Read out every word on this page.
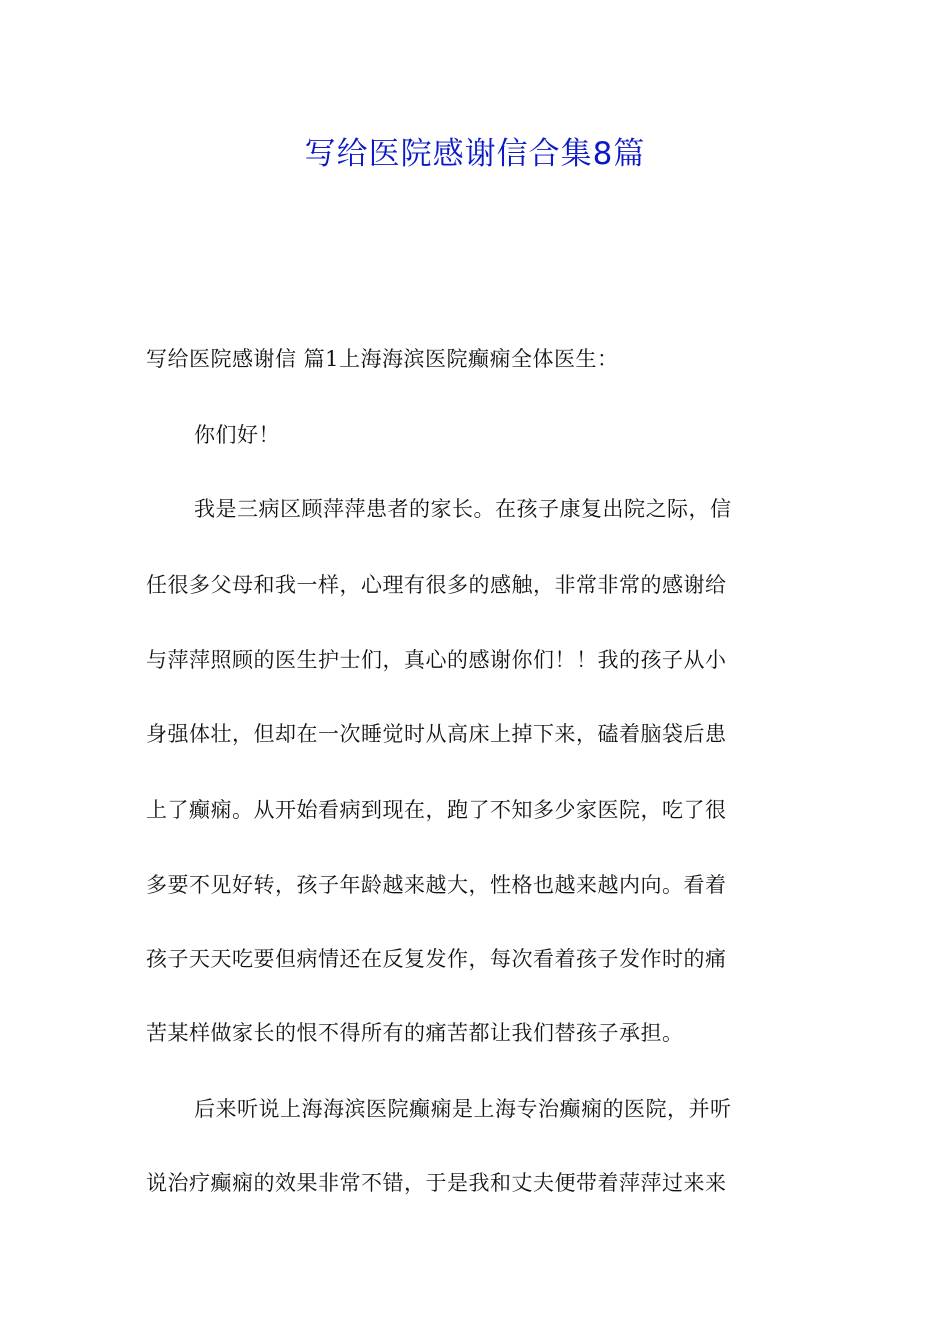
写给医院感谢信合集8篇
写给医院感谢信 篇1上海海滨医院癫痫全体医生：
你们好！
我是三病区顾萍萍患者的家长。在孩子康复出院之际，信
任很多父母和我一样，心理有很多的感触，非常非常的感谢给
与萍萍照顾的医生护士们，真心的感谢你们！！我的孩子从小
身强体壮，但却在一次睡觉时从高床上掉下来，磕着脑袋后患
上了癫痫。从开始看病到现在，跑了不知多少家医院，吃了很
多要不见好转，孩子年龄越来越大，性格也越来越内向。看着
孩子天天吃要但病情还在反复发作，每次看着孩子发作时的痛
苦某样做家长的恨不得所有的痛苦都让我们替孩子承担。
后来听说上海海滨医院癫痫是上海专治癫痫的医院，并听
说治疗癫痫的效果非常不错，于是我和丈夫便带着萍萍过来来
